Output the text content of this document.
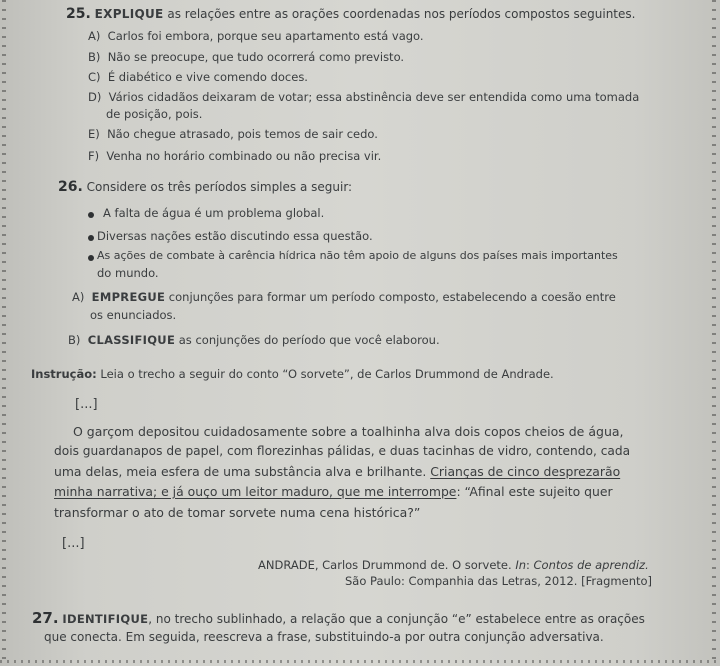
25. EXPLIQUE as relações entre as orações coordenadas nos períodos compostos seguintes.
A) Carlos foi embora, porque seu apartamento está vago.
B) Não se preocupe, que tudo ocorrerá como previsto.
C) É diabético e vive comendo doces.
D) Vários cidadãos deixaram de votar; essa abstinência deve ser entendida como uma tomada
de posição, pois.
E) Não chegue atrasado, pois temos de sair cedo.
F) Venha no horário combinado ou não precisa vir.
26. Considere os três períodos simples a seguir:
A falta de água é um problema global.
Diversas nações estão discutindo essa questão.
As ações de combate à carência hídrica não têm apoio de alguns dos países mais importantes
do mundo.
A) EMPREGUE conjunções para formar um período composto, estabelecendo a coesão entre
os enunciados.
B) CLASSIFIQUE as conjunções do período que você elaborou.
Instrução: Leia o trecho a seguir do conto “O sorvete”, de Carlos Drummond de Andrade.
[...]
O garçom depositou cuidadosamente sobre a toalhinha alva dois copos cheios de água,
dois guardanapos de papel, com florezinhas pálidas, e duas tacinhas de vidro, contendo, cada
uma delas, meia esfera de uma substância alva e brilhante. Crianças de cinco desprezarão
minha narrativa; e já ouço um leitor maduro, que me interrompe: “Afinal este sujeito quer
transformar o ato de tomar sorvete numa cena histórica?”
[...]
ANDRADE, Carlos Drummond de. O sorvete. In: Contos de aprendiz.
São Paulo: Companhia das Letras, 2012. [Fragmento]
27. IDENTIFIQUE, no trecho sublinhado, a relação que a conjunção “e” estabelece entre as orações
que conecta. Em seguida, reescreva a frase, substituindo-a por outra conjunção adversativa.
